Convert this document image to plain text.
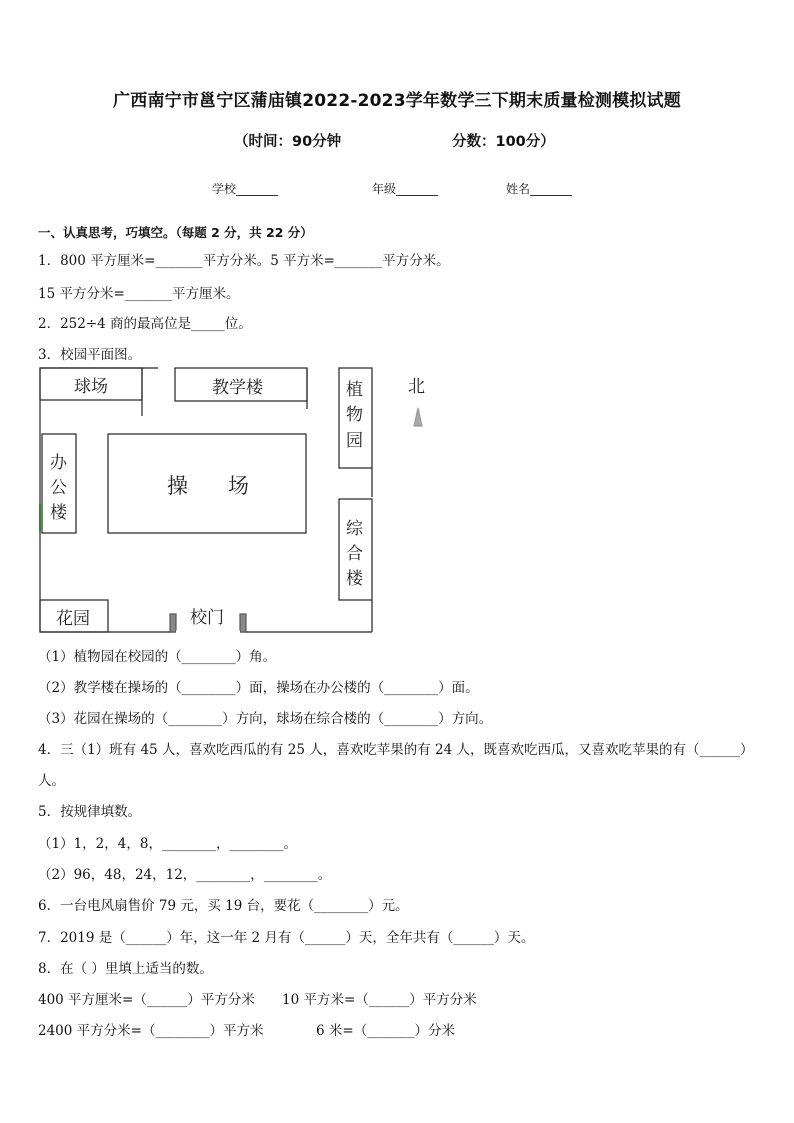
广西南宁市邕宁区蒲庙镇2022-2023学年数学三下期末质量检测模拟试题
（时间：90分钟	分数：100分）
学校_______	年级_______	姓名_______
一、认真思考，巧填空。（每题 2 分，共 22 分）
1．800 平方厘米=_______平方分米。5 平方米=_______平方分米。
15 平方分米=_______平方厘米。
2．252÷4 商的最高位是_____位。
3．校园平面图。
球场	教学楼	植
物
园
北
办
公
楼
操      场
综
合
楼
花园	校门
（1）植物园在校园的（________）角。
（2）教学楼在操场的（________）面，操场在办公楼的（________）面。
（3）花园在操场的（________）方向，球场在综合楼的（________）方向。
4．三（1）班有 45 人，喜欢吃西瓜的有 25 人，喜欢吃苹果的有 24 人，既喜欢吃西瓜，又喜欢吃苹果的有（______）
人。
5．按规律填数。
（1）1，2，4，8，________，________。
（2）96，48，24，12，________，________。
6．一台电风扇售价 79 元，买 19 台，要花（________）元。
7．2019 是（______）年，这一年 2 月有（______）天，全年共有（______）天。
8．在（ ）里填上适当的数。
400 平方厘米=（______）平方分米 10 平方米=（______）平方分米
2400 平方分米=（________）平方米	6 米=（_______）分米
